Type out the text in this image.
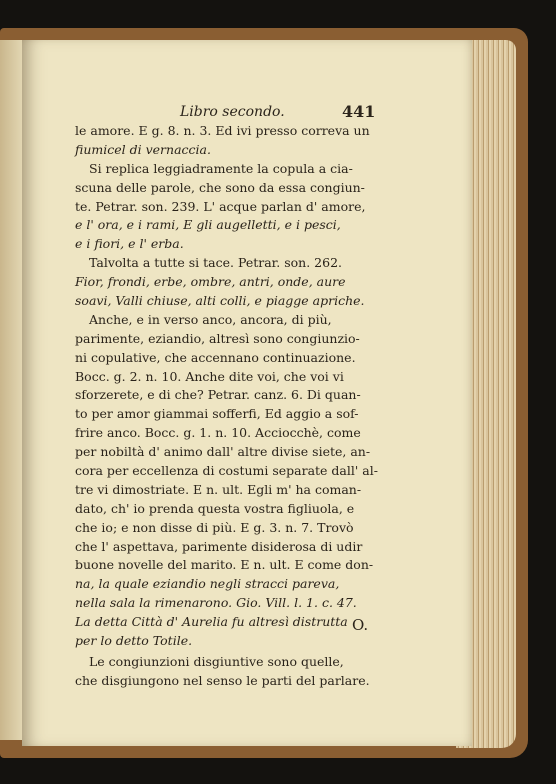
Libro secondo.	441
le amore. E g. 8. n. 3. Ed ivi presso correva un
fiumicel di vernaccia.
Si replica leggiadramente la copula a cia-
scuna delle parole, che sono da essa congiun-
te. Petrar. son. 239. L' acque parlan d' amore,
e l' ora, e i rami, E gli augelletti, e i pesci,
e i fiori, e l' erba.
Talvolta a tutte si tace. Petrar. son. 262.
Fior, frondi, erbe, ombre, antri, onde, aure
soavi, Valli chiuse, alti colli, e piagge apriche.
Anche, e in verso anco, ancora, di più,
parimente, eziandio, altresì sono congiunzio-
ni copulative, che accennano continuazione.
Bocc. g. 2. n. 10. Anche dite voi, che voi vi
sforzerete, e di che? Petrar. canz. 6. Di quan-
to per amor giammai sofferfi, Ed aggio a sof-
frire anco. Bocc. g. 1. n. 10. Acciocchè, come
per nobiltà d' animo dall' altre divise siete, an-
cora per eccellenza di costumi separate dall' al-
tre vi dimostriate. E n. ult. Egli m' ha coman-
dato, ch' io prenda questa vostra figliuola, e
che io; e non disse di più. E g. 3. n. 7. Trovò
che l' aspettava, parimente disiderosa di udir
buone novelle del marito. E n. ult. E come don-
na, la quale eziandio negli stracci pareva,
nella sala la rimenarono. Gio. Vill. l. 1. c. 47.
La detta Città d' Aurelia fu altresì distrutta
per lo detto Totile.
Le congiunzioni disgiuntive sono quelle,
che disgiungono nel senso le parti del parlare.
O.
